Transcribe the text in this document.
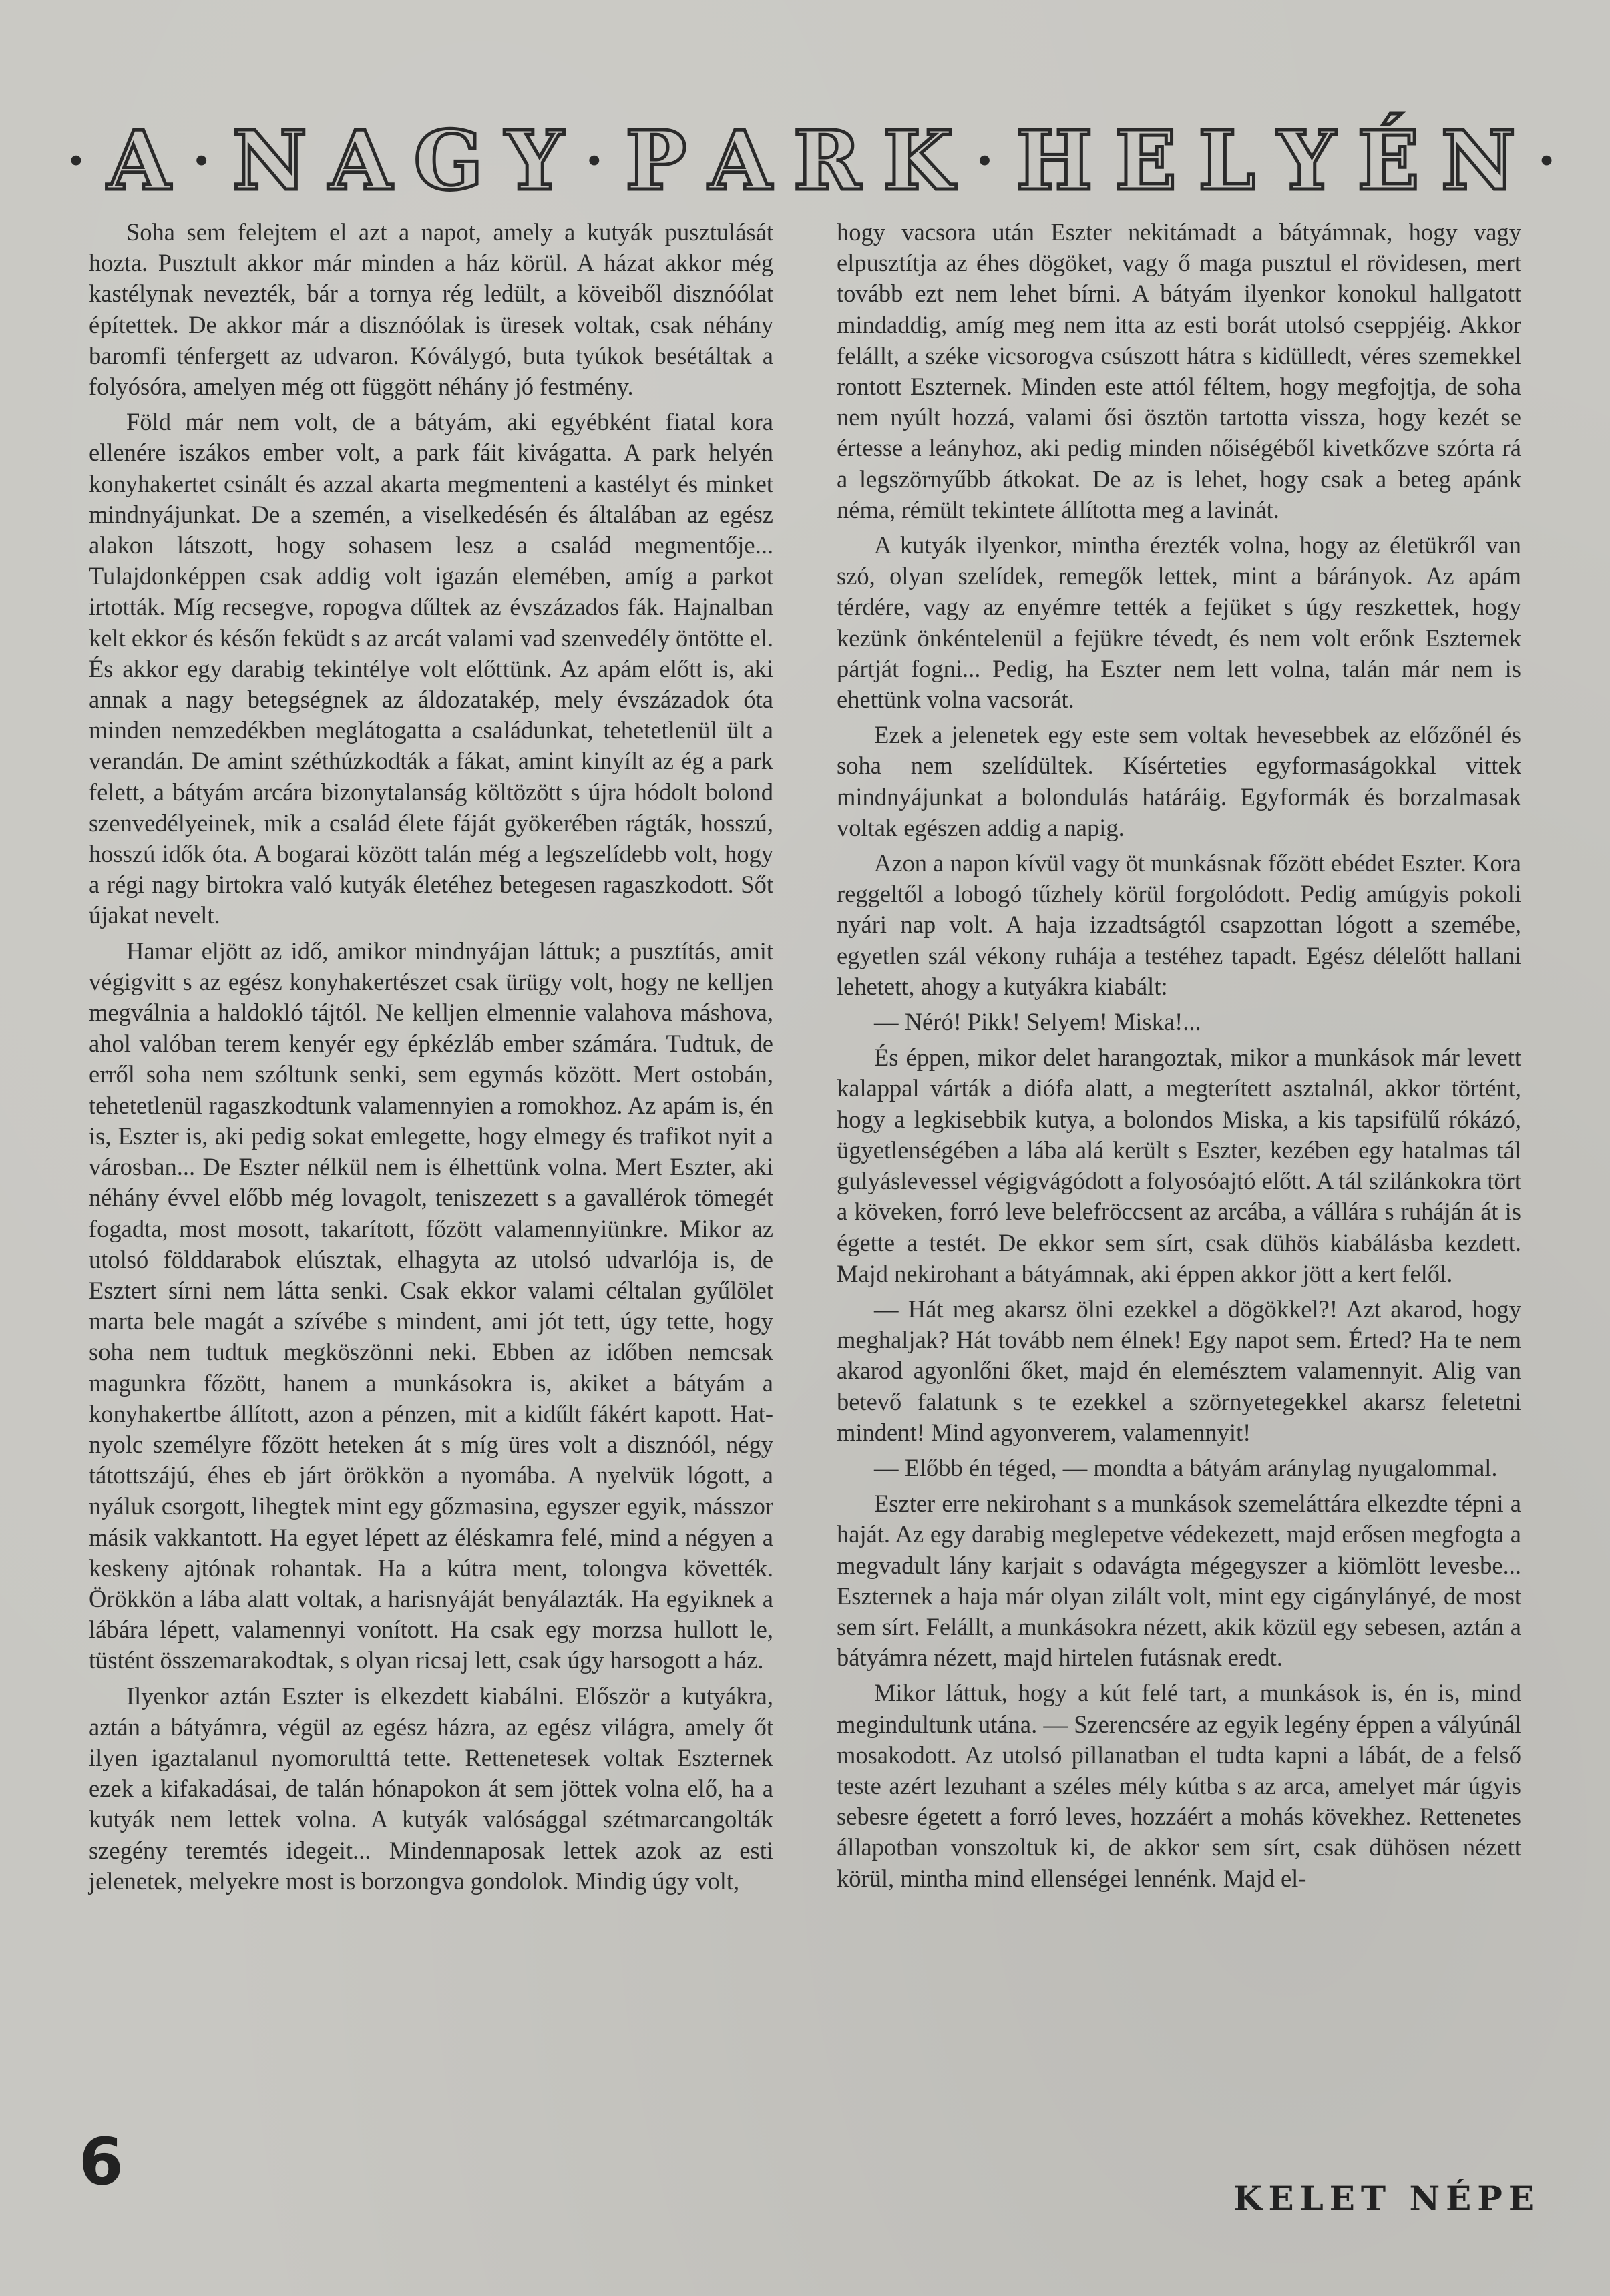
· A · N A G Y · P A R K · H E L Y É N ·

Soha sem felejtem el azt a napot, amely a kutyák pusztulását hozta. Pusztult akkor már minden a ház körül. A házat akkor még kastélynak nevezték, bár a tornya rég ledült, a köveiből disznóólat építettek. De akkor már a disznóólak is üresek voltak, csak néhány baromfi ténfergett az udvaron. Kóválygó, buta tyúkok besétáltak a folyósóra, amelyen még ott függött néhány jó festmény.

Föld már nem volt, de a bátyám, aki egyébként fiatal kora ellenére iszákos ember volt, a park fáit kivágatta. A park helyén konyhakertet csinált és azzal akarta megmenteni a kastélyt és minket mindnyájunkat. De a szemén, a viselkedésén és általában az egész alakon látszott, hogy sohasem lesz a család megmentője... Tulajdonképpen csak addig volt igazán elemében, amíg a parkot irtották. Míg recsegve, ropogva dűltek az évszázados fák. Hajnalban kelt ekkor és későn feküdt s az arcát valami vad szenvedély öntötte el. És akkor egy darabig tekintélye volt előttünk. Az apám előtt is, aki annak a nagy betegségnek az áldozatakép, mely évszázadok óta minden nemzedékben meglátogatta a családunkat, tehetetlenül ült a verandán. De amint széthúzkodták a fákat, amint kinyílt az ég a park felett, a bátyám arcára bizonytalanság költözött s újra hódolt bolond szenvedélyeinek, mik a család élete fáját gyökerében rágták, hosszú, hosszú idők óta. A bogarai között talán még a legszelídebb volt, hogy a régi nagy birtokra való kutyák életéhez betegesen ragaszkodott. Sőt újakat nevelt.

Hamar eljött az idő, amikor mindnyájan láttuk; a pusztítás, amit végigvitt s az egész konyhakertészet csak ürügy volt, hogy ne kelljen megválnia a haldokló tájtól. Ne kelljen elmennie valahova máshova, ahol valóban terem kenyér egy épkézláb ember számára. Tudtuk, de erről soha nem szóltunk senki, sem egymás között. Mert ostobán, tehetetlenül ragaszkodtunk valamennyien a romokhoz. Az apám is, én is, Eszter is, aki pedig sokat emlegette, hogy elmegy és trafikot nyit a városban... De Eszter nélkül nem is élhettünk volna. Mert Eszter, aki néhány évvel előbb még lovagolt, teniszezett s a gavallérok tömegét fogadta, most mosott, takarított, főzött valamennyiünkre. Mikor az utolsó földdarabok elúsztak, elhagyta az utolsó udvarlója is, de Esztert sírni nem látta senki. Csak ekkor valami céltalan gyűlölet marta bele magát a szívébe s mindent, ami jót tett, úgy tette, hogy soha nem tudtuk megköszönni neki. Ebben az időben nemcsak magunkra főzött, hanem a munkásokra is, akiket a bátyám a konyhakertbe állított, azon a pénzen, mit a kidűlt fákért kapott. Hat-nyolc személyre főzött heteken át s míg üres volt a disznóól, négy tátottszájú, éhes eb járt örökkön a nyomába. A nyelvük lógott, a nyáluk csorgott, lihegtek mint egy gőzmasina, egyszer egyik, másszor másik vakkantott. Ha egyet lépett az éléskamra felé, mind a négyen a keskeny ajtónak rohantak. Ha a kútra ment, tolongva követték. Örökkön a lába alatt voltak, a harisnyáját benyálazták. Ha egyiknek a lábára lépett, valamennyi vonított. Ha csak egy morzsa hullott le, tüstént összemarakodtak, s olyan ricsaj lett, csak úgy harsogott a ház.

Ilyenkor aztán Eszter is elkezdett kiabálni. Először a kutyákra, aztán a bátyámra, végül az egész házra, az egész világra, amely őt ilyen igaztalanul nyomorulttá tette. Rettenetesek voltak Eszternek ezek a kifakadásai, de talán hónapokon át sem jöttek volna elő, ha a kutyák nem lettek volna. A kutyák valósággal szétmarcangolták szegény teremtés idegeit... Mindennaposak lettek azok az esti jelenetek, melyekre most is borzongva gondolok. Mindig úgy volt,

hogy vacsora után Eszter nekitámadt a bátyámnak, hogy vagy elpusztítja az éhes dögöket, vagy ő maga pusztul el rövidesen, mert tovább ezt nem lehet bírni. A bátyám ilyenkor konokul hallgatott mindaddig, amíg meg nem itta az esti borát utolsó cseppjéig. Akkor felállt, a széke vicsorogva csúszott hátra s kidülledt, véres szemekkel rontott Eszternek. Minden este attól féltem, hogy megfojtja, de soha nem nyúlt hozzá, valami ősi ösztön tartotta vissza, hogy kezét se értesse a leányhoz, aki pedig minden nőiségéből kivetkőzve szórta rá a legszörnyűbb átkokat. De az is lehet, hogy csak a beteg apánk néma, rémült tekintete állította meg a lavinát.

A kutyák ilyenkor, mintha érezték volna, hogy az életükről van szó, olyan szelídek, remegők lettek, mint a bárányok. Az apám térdére, vagy az enyémre tették a fejüket s úgy reszkettek, hogy kezünk önkéntelenül a fejükre tévedt, és nem volt erőnk Eszternek pártját fogni... Pedig, ha Eszter nem lett volna, talán már nem is ehettünk volna vacsorát.

Ezek a jelenetek egy este sem voltak hevesebbek az előzőnél és soha nem szelídültek. Kísérteties egyformaságokkal vittek mindnyájunkat a bolondulás határáig. Egyformák és borzalmasak voltak egészen addig a napig.

Azon a napon kívül vagy öt munkásnak főzött ebédet Eszter. Kora reggeltől a lobogó tűzhely körül forgolódott. Pedig amúgyis pokoli nyári nap volt. A haja izzadtságtól csapzottan lógott a szemébe, egyetlen szál vékony ruhája a testéhez tapadt. Egész délelőtt hallani lehetett, ahogy a kutyákra kiabált:

— Néró! Pikk! Selyem! Miska!...

És éppen, mikor delet harangoztak, mikor a munkások már levett kalappal várták a diófa alatt, a megterített asztalnál, akkor történt, hogy a legkisebbik kutya, a bolondos Miska, a kis tapsifülű rókázó, ügyetlenségében a lába alá került s Eszter, kezében egy hatalmas tál gulyáslevessel végigvágódott a folyosóajtó előtt. A tál szilánkokra tört a köveken, forró leve belefröccsent az arcába, a vállára s ruháján át is égette a testét. De ekkor sem sírt, csak dühös kiabálásba kezdett. Majd nekirohant a bátyámnak, aki éppen akkor jött a kert felől.

— Hát meg akarsz ölni ezekkel a dögökkel?! Azt akarod, hogy meghaljak? Hát tovább nem élnek! Egy napot sem. Érted? Ha te nem akarod agyonlőni őket, majd én elemésztem valamennyit. Alig van betevő falatunk s te ezekkel a szörnyetegekkel akarsz feletetni mindent! Mind agyonverem, valamennyit!

— Előbb én téged, — mondta a bátyám aránylag nyugalommal.

Eszter erre nekirohant s a munkások szemeláttára elkezdte tépni a haját. Az egy darabig meglepetve védekezett, majd erősen megfogta a megvadult lány karjait s odavágta mégegyszer a kiömlött levesbe... Eszternek a haja már olyan zilált volt, mint egy cigánylányé, de most sem sírt. Felállt, a munkásokra nézett, akik közül egy sebesen, aztán a bátyámra nézett, majd hirtelen futásnak eredt.

Mikor láttuk, hogy a kút felé tart, a munkások is, én is, mind megindultunk utána. — Szerencsére az egyik legény éppen a vályúnál mosakodott. Az utolsó pillanatban el tudta kapni a lábát, de a felső teste azért lezuhant a széles mély kútba s az arca, amelyet már úgyis sebesre égetett a forró leves, hozzáért a mohás kövekhez. Rettenetes állapotban vonszoltuk ki, de akkor sem sírt, csak dühösen nézett körül, mintha mind ellenségei lennénk. Majd el-

6	KELET NÉPE
